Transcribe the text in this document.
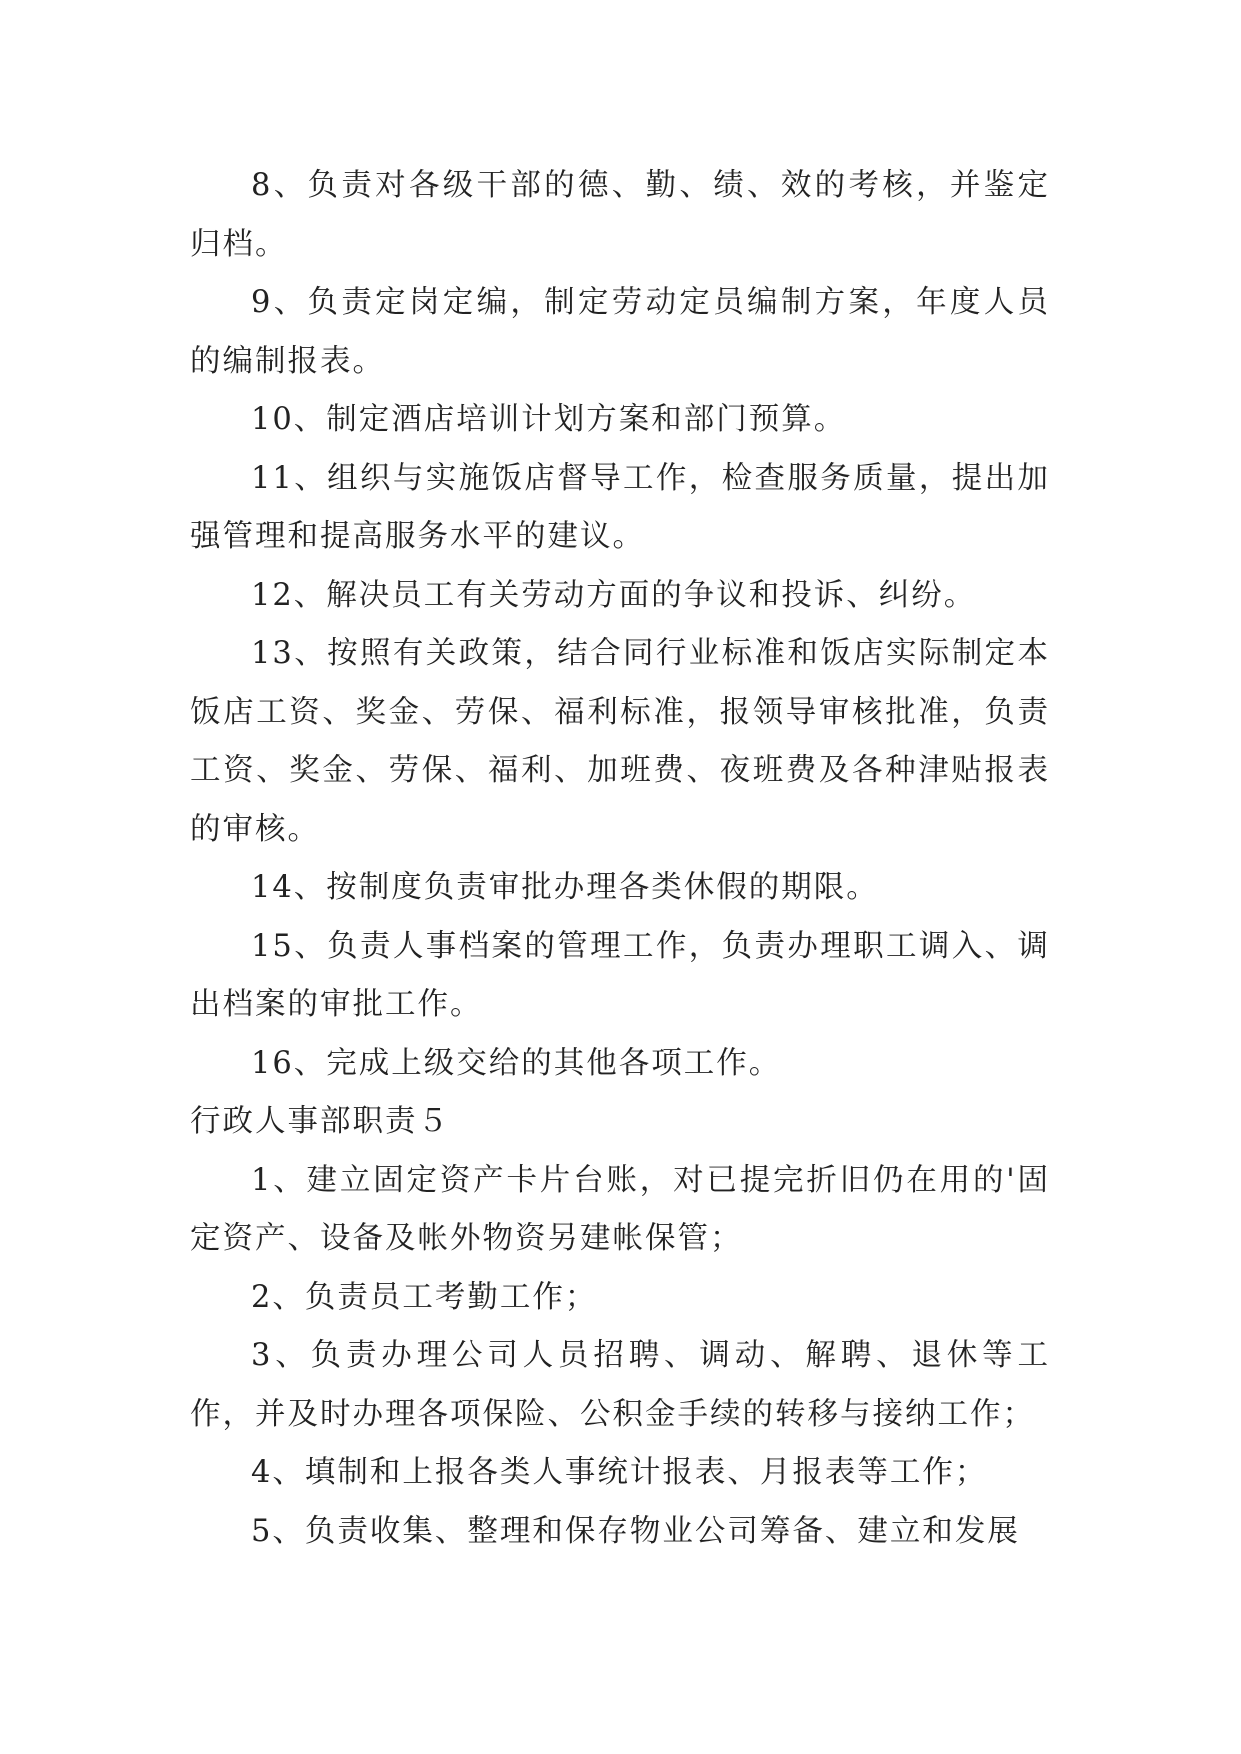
8、负责对各级干部的德、勤、绩、效的考核，并鉴定归档。

9、负责定岗定编，制定劳动定员编制方案，年度人员的编制报表。

10、制定酒店培训计划方案和部门预算。

11、组织与实施饭店督导工作，检查服务质量，提出加强管理和提高服务水平的建议。

12、解决员工有关劳动方面的争议和投诉、纠纷。

13、按照有关政策，结合同行业标准和饭店实际制定本饭店工资、奖金、劳保、福利标准，报领导审核批准，负责工资、奖金、劳保、福利、加班费、夜班费及各种津贴报表的审核。

14、按制度负责审批办理各类休假的期限。

15、负责人事档案的管理工作，负责办理职工调入、调出档案的审批工作。

16、完成上级交给的其他各项工作。

行政人事部职责５

1、建立固定资产卡片台账，对已提完折旧仍在用的'固定资产、设备及帐外物资另建帐保管；

2、负责员工考勤工作；

3、负责办理公司人员招聘、调动、解聘、退休等工作，并及时办理各项保险、公积金手续的转移与接纳工作；

4、填制和上报各类人事统计报表、月报表等工作；

5、负责收集、整理和保存物业公司筹备、建立和发展
